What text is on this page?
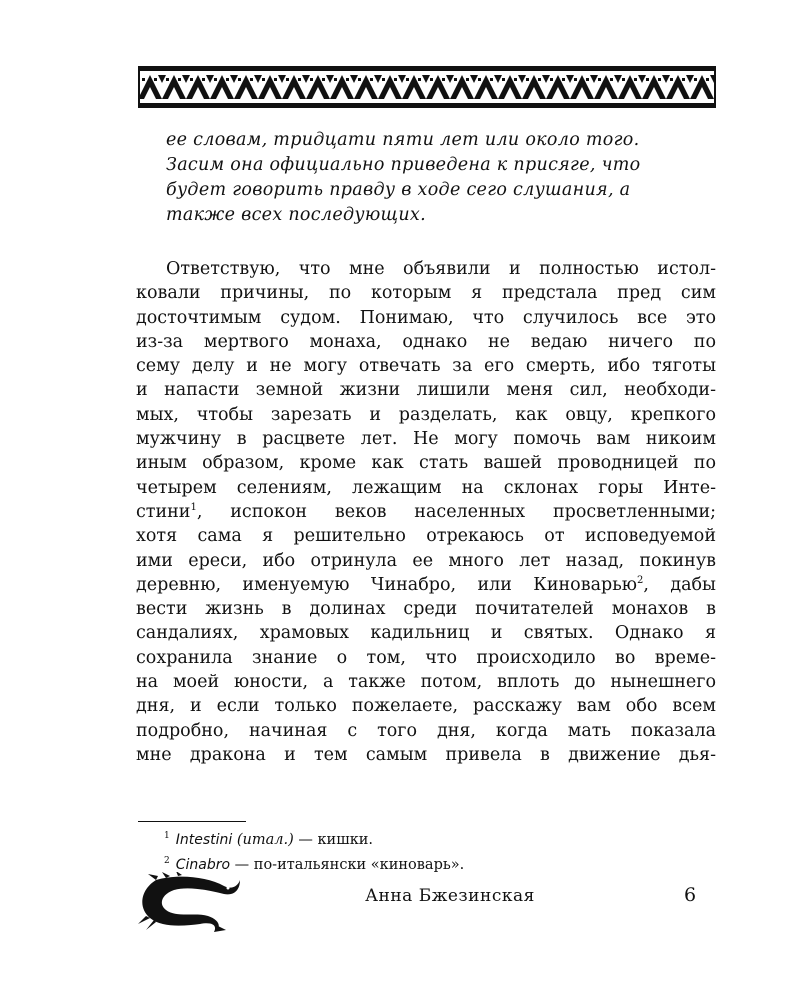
ее словам, тридцати пяти лет или около того.

Засим она официально приведена к присяге, что

будет говорить правду в ходе сего слушания, а

также всех последующих.

Ответствую, что мне объявили и полностью истол-
ковали причины, по которым я предстала пред сим
досточтимым судом. Понимаю, что случилось все это
из-за мертвого монаха, однако не ведаю ничего по
сему делу и не могу отвечать за его смерть, ибо тяготы
и напасти земной жизни лишили меня сил, необходи-
мых, чтобы зарезать и разделать, как овцу, крепкого
мужчину в расцвете лет. Не могу помочь вам никоим
иным образом, кроме как стать вашей проводницей по
четырем селениям, лежащим на склонах горы Инте-
стини$^1$, испокон веков населенных просветленными;
хотя сама я решительно отрекаюсь от исповедуемой
ими ереси, ибо отринула ее много лет назад, покинув
деревню, именуемую Чинабро, или Киноварью$^2$, дабы
вести жизнь в долинах среди почитателей монахов в
сандалиях, храмовых кадильниц и святых. Однако я
сохранила знание о том, что происходило во време-
на моей юности, а также потом, вплоть до нынешнего
дня, и если только пожелаете, расскажу вам обо всем
подробно, начиная с того дня, когда мать показала
мне дракона и тем самым привела в движение дья-
$^1$ Intestini (итал.) — кишки.
$^2$ Cinabro — по-итальянски «киноварь».
Анна Бжезинская	6
